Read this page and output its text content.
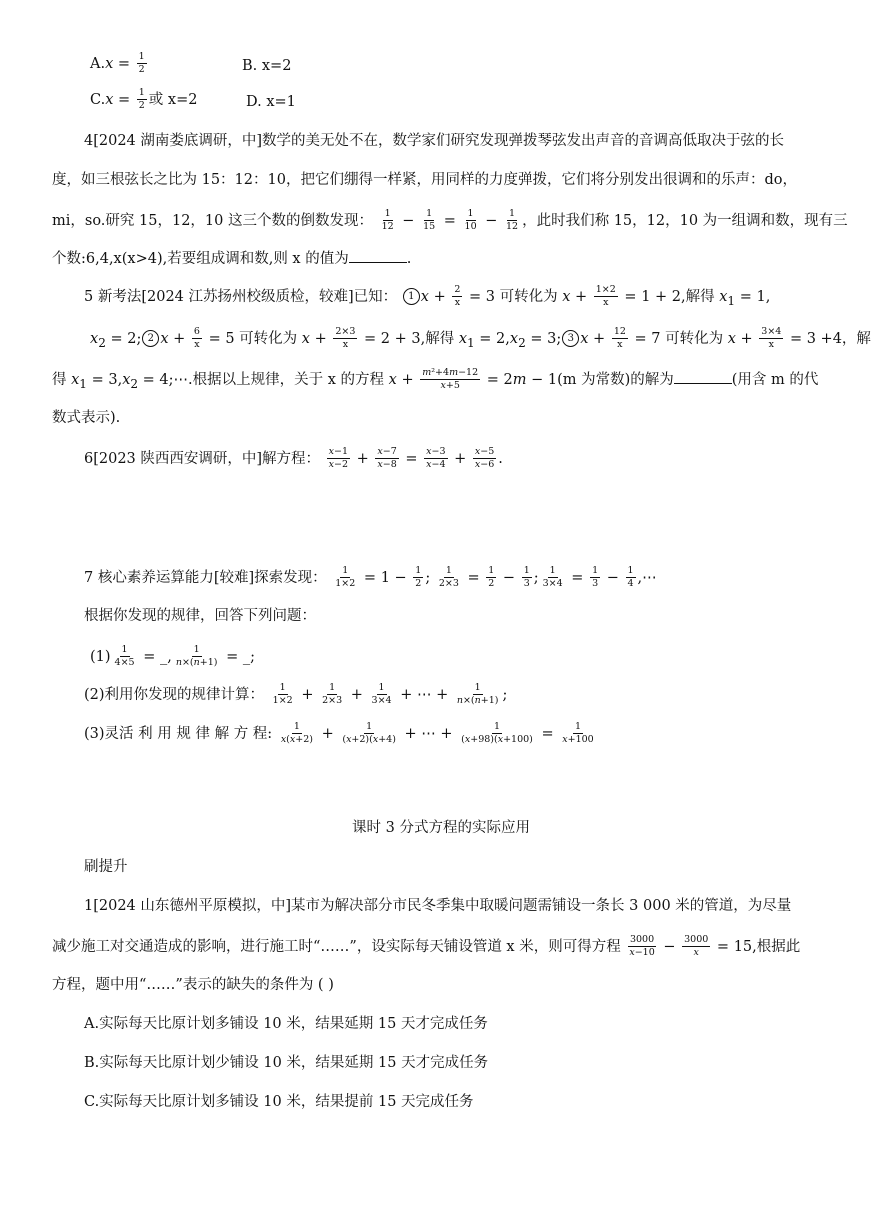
$A.x = \frac{1}{2}$	B. x=2
$C.x = \frac{1}{2}$ 或 x=2	D. x=1
4[2024 湖南娄底调研，中]数学的美无处不在，数学家们研究发现弹拨琴弦发出声音的音调高低取决于弦的长
度，如三根弦长之比为 15：12：10，把它们绷得一样紧，用同样的力度弹拨，它们将分别发出很调和的乐声：do，
mi，so.研究 15，12，10 这三个数的倒数发现： $\frac{1}{12} - \frac{1}{15} = \frac{1}{10} - \frac{1}{12}$ ，此时我们称 15，12，10 为一组调和数，现有三
个数:6,4,x(x>4),若要组成调和数,则 x 的值为	.
5 新考法[2024 江苏扬州校级质检，较难]已知： 1 $x + \frac{2}{x} = 3$ 可转化为 $x + \frac{1\times 2}{x} = 1 + 2$,解得 $x_1 = 1$,
$x_2 = 2$; 2 $x + \frac{6}{x} = 5$ 可转化为 $x + \frac{2\times 3}{x} = 2 + 3$,解得 $x_1 = 2,x_2 = 3$; 3 $x + \frac{12}{x} = 7$ 可转化为 $x + \frac{3\times 4}{x} = 3 +4$，解
得 $x_1 = 3,x_2$ = 4;⋯.根据以上规律，关于 x 的方程 $x + \frac{\text{m²+4m−12}}{x+5} = 2m - 1(m$ 为常数)的解为	(用含 m 的代
数式表示).
6[2023 陕西西安调研，中]解方程： $\frac{x-1}{x-2} + \frac{x-7}{x-8} = \frac{x-3}{x-4} + \frac{x-5}{x-6}$ .
7 核心素养运算能力[较难]探索发现： $\frac{1}{1\times 2} = 1 - \frac{1}{2}$ ; $\frac{1}{2\times 3} = \frac{1}{2} - \frac{1}{3}$ ; $\frac{1}{3\times 4} = \frac{1}{3} - \frac{1}{4}$ ,⋯
根据你发现的规律，回答下列问题：
$(1) \frac{1}{4\times 5}$ = _, $\frac{1}{n\times(n+1)}$ = _;
(2)利用你发现的规律计算： $\frac{1}{1\times 2} + \frac{1}{2\times 3} + \frac{1}{3\times 4}$ + ⋯ + $\frac{1}{n\times(n+1)}$ ;
(3)灵活 利 用 规 律 解 方 程: $\frac{1}{x(x+2)} + \frac{1}{(x+2)(x+4)}$ + ⋯ + $\frac{1}{(x+98)(x+100)} = \frac{1}{x+100}$
课时 3 分式方程的实际应用
刷提升
1[2024 山东德州平原模拟，中]某市为解决部分市民冬季集中取暖问题需铺设一条长 3 000 米的管道，为尽量
减少施工对交通造成的影响，进行施工时“……”，设实际每天铺设管道 x 米，则可得方程 $\frac{3000}{x-10} - \frac{3000}{x} = 15$,根据此
方程，题中用“……”表示的缺失的条件为 ( )
A.实际每天比原计划多铺设 10 米，结果延期 15 天才完成任务
B.实际每天比原计划少铺设 10 米，结果延期 15 天才完成任务
C.实际每天比原计划多铺设 10 米，结果提前 15 天完成任务
